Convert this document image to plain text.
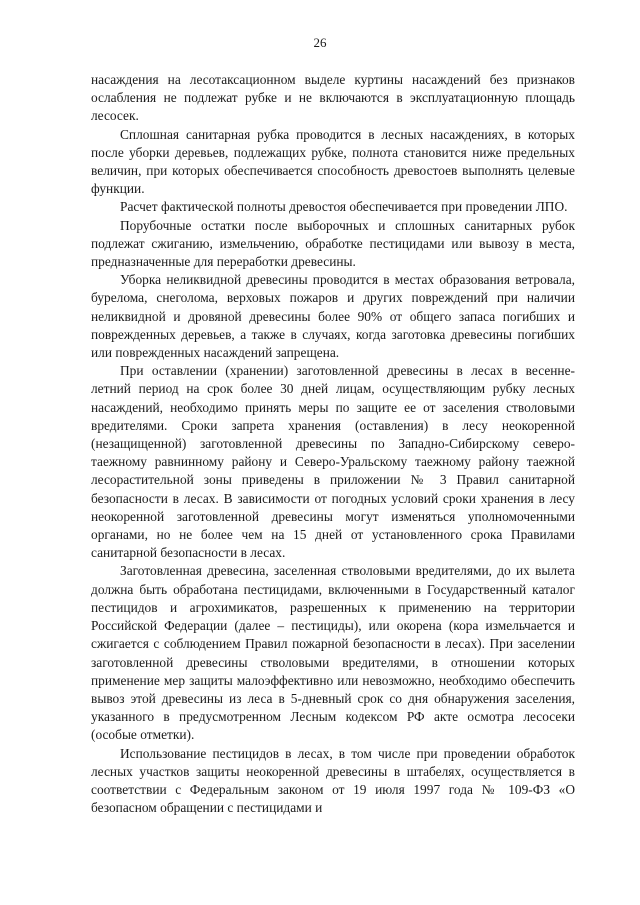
26

насаждения на лесотаксационном выделе куртины насаждений без признаков ослабления не подлежат рубке и не включаются в эксплуатационную площадь лесосек.

Сплошная санитарная рубка проводится в лесных насаждениях, в которых после уборки деревьев, подлежащих рубке, полнота становится ниже предельных величин, при которых обеспечивается способность древостоев выполнять целевые функции.

Расчет фактической полноты древостоя обеспечивается при проведении ЛПО.

Порубочные остатки после выборочных и сплошных санитарных рубок подлежат сжиганию, измельчению, обработке пестицидами или вывозу в места, предназначенные для переработки древесины.

Уборка неликвидной древесины проводится в местах образования ветровала, бурелома, снеголома, верховых пожаров и других повреждений при наличии неликвидной и дровяной древесины более 90% от общего запаса погибших и поврежденных деревьев, а также в случаях, когда заготовка древесины погибших или поврежденных насаждений запрещена.

При оставлении (хранении) заготовленной древесины в лесах в весенне-летний период на срок более 30 дней лицам, осуществляющим рубку лесных насаждений, необходимо принять меры по защите ее от заселения стволовыми вредителями. Сроки запрета хранения (оставления) в лесу неокоренной (незащищенной) заготовленной древесины по Западно-Сибирскому северо-таежному равнинному району и Северо-Уральскому таежному району таежной лесорастительной зоны приведены в приложении № 3 Правил санитарной безопасности в лесах. В зависимости от погодных условий сроки хранения в лесу неокоренной заготовленной древесины могут изменяться уполномоченными органами, но не более чем на 15 дней от установленного срока Правилами санитарной безопасности в лесах.

Заготовленная древесина, заселенная стволовыми вредителями, до их вылета должна быть обработана пестицидами, включенными в Государственный каталог пестицидов и агрохимикатов, разрешенных к применению на территории Российской Федерации (далее – пестициды), или окорена (кора измельчается и сжигается с соблюдением Правил пожарной безопасности в лесах). При заселении заготовленной древесины стволовыми вредителями, в отношении которых применение мер защиты малоэффективно или невозможно, необходимо обеспечить вывоз этой древесины из леса в 5-дневный срок со дня обнаружения заселения, указанного в предусмотренном Лесным кодексом РФ акте осмотра лесосеки (особые отметки).

Использование пестицидов в лесах, в том числе при проведении обработок лесных участков защиты неокоренной древесины в штабелях, осуществляется в соответствии с Федеральным законом от 19 июля 1997 года № 109-ФЗ «О безопасном обращении с пестицидами и
